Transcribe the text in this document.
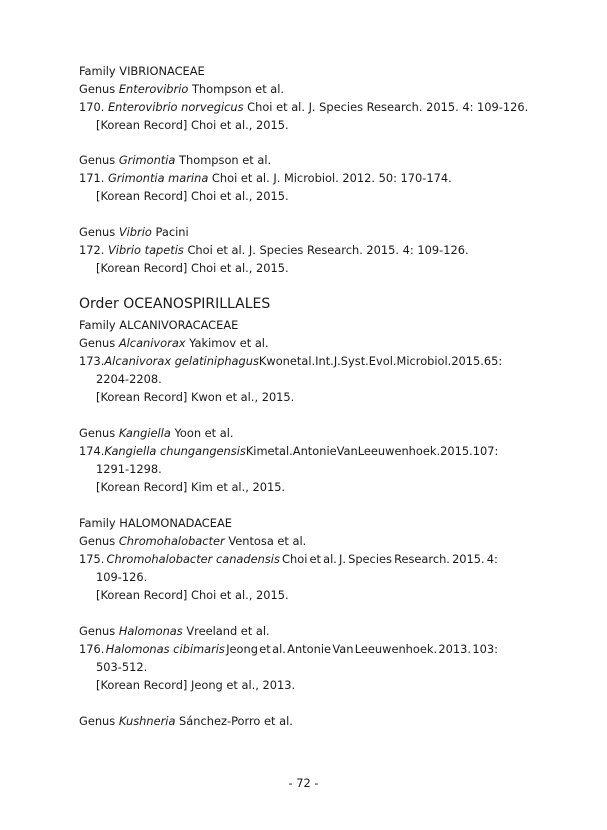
Family VIBRIONACEAE
Genus Enterovibrio Thompson et al.
170. Enterovibrio norvegicus Choi et al. J. Species Research. 2015. 4: 109-126.
[Korean Record] Choi et al., 2015.
Genus Grimontia Thompson et al.
171. Grimontia marina Choi et al. J. Microbiol. 2012. 50: 170-174.
[Korean Record] Choi et al., 2015.
Genus Vibrio Pacini
172. Vibrio tapetis Choi et al. J. Species Research. 2015. 4: 109-126.
[Korean Record] Choi et al., 2015.
Order OCEANOSPIRILLALES
Family ALCANIVORACACEAE
Genus Alcanivorax Yakimov et al.
173. Alcanivorax gelatiniphagus Kwon et al. Int. J. Syst. Evol. Microbiol. 2015. 65:
2204-2208.
[Korean Record] Kwon et al., 2015.
Genus Kangiella Yoon et al.
174. Kangiella chungangensis Kim et al. Antonie Van Leeuwenhoek. 2015. 107:
1291-1298.
[Korean Record] Kim et al., 2015.
Family HALOMONADACEAE
Genus Chromohalobacter Ventosa et al.
175. Chromohalobacter canadensis Choi et al. J. Species Research. 2015. 4:
109-126.
[Korean Record] Choi et al., 2015.
Genus Halomonas Vreeland et al.
176. Halomonas cibimaris Jeong et al. Antonie Van Leeuwenhoek. 2013. 103:
503-512.
[Korean Record] Jeong et al., 2013.
Genus Kushneria Sánchez-Porro et al.
- 72 -
